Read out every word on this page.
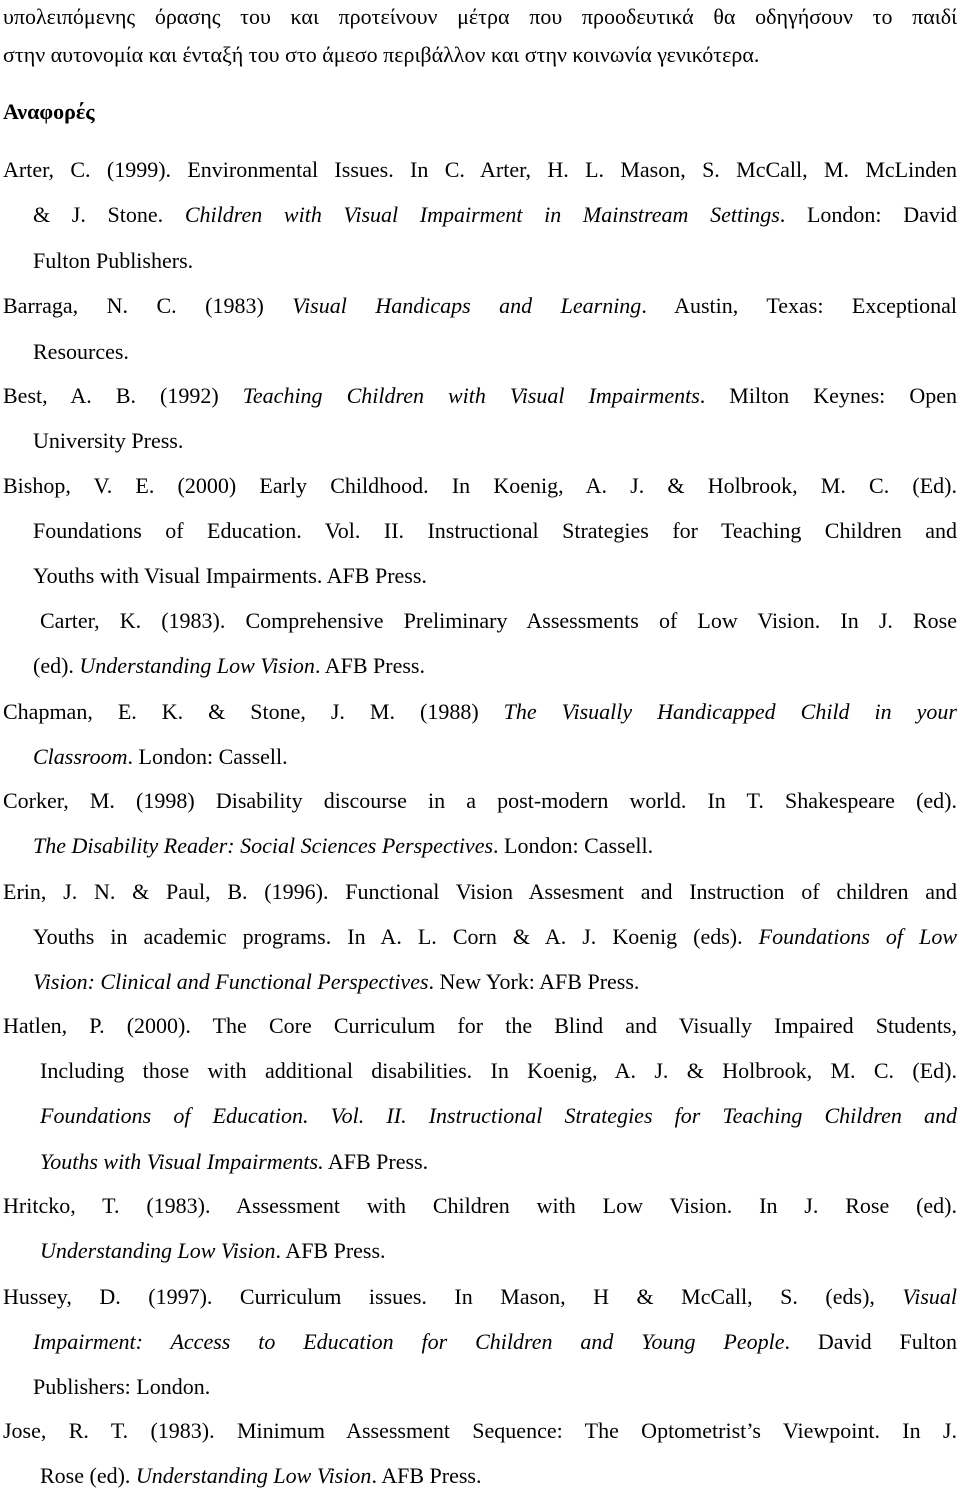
υπολειπόμενης όρασης του και προτείνουν μέτρα που προοδευτικά θα οδηγήσουν το παιδί
στην αυτονομία και ένταξή του στο άμεσο περιβάλλον και στην κοινωνία γενικότερα.
Αναφορές
Arter, C. (1999). Environmental Issues. In C. Arter, H. L. Mason, S. McCall, M. McLinden
& J. Stone. Children with Visual Impairment in Mainstream Settings. London: David
Fulton Publishers.
Barraga, N. C. (1983) Visual Handicaps and Learning. Austin, Texas: Exceptional
Resources.
Best, A. B. (1992) Teaching Children with Visual Impairments. Milton Keynes: Open
University Press.
Bishop, V. E. (2000) Early Childhood. In Koenig, A. J. & Holbrook, M. C. (Ed).
Foundations of Education. Vol. II. Instructional Strategies for Teaching Children and
Youths with Visual Impairments. AFB Press.
Carter, K. (1983). Comprehensive Preliminary Assessments of Low Vision. In J. Rose
(ed). Understanding Low Vision. AFB Press.
Chapman, E. K. & Stone, J. M. (1988) The Visually Handicapped Child in your
Classroom. London: Cassell.
Corker, M. (1998) Disability discourse in a post-modern world. In T. Shakespeare (ed).
The Disability Reader: Social Sciences Perspectives. London: Cassell.
Erin, J. N. & Paul, B. (1996). Functional Vision Assesment and Instruction of children and
Youths in academic programs. In A. L. Corn & A. J. Koenig (eds). Foundations of Low
Vision: Clinical and Functional Perspectives. New York: AFB Press.
Hatlen, P. (2000). The Core Curriculum for the Blind and Visually Impaired Students,
Including those with additional disabilities. In Koenig, A. J. & Holbrook, M. C. (Ed).
Foundations of Education. Vol. II. Instructional Strategies for Teaching Children and
Youths with Visual Impairments. AFB Press.
Hritcko, T. (1983). Assessment with Children with Low Vision. In J. Rose (ed).
Understanding Low Vision. AFB Press.
Hussey, D. (1997). Curriculum issues. In Mason, H & McCall, S. (eds), Visual
Impairment: Access to Education for Children and Young People. David Fulton
Publishers: London.
Jose, R. T. (1983). Minimum Assessment Sequence: The Optometrist’s Viewpoint. In J.
Rose (ed). Understanding Low Vision. AFB Press.
